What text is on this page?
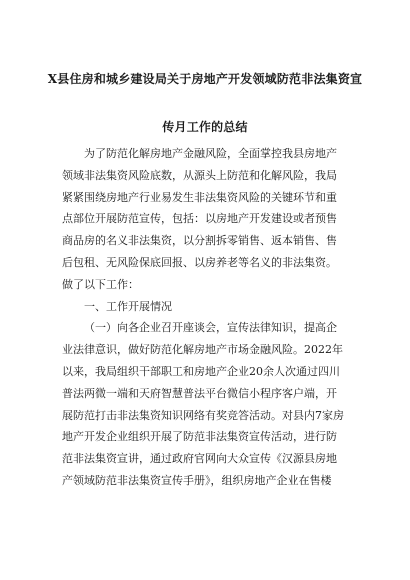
X县住房和城乡建设局关于房地产开发领域防范非法集资宣
传月工作的总结
为了防范化解房地产金融风险，全面掌控我县房地产
领域非法集资风险底数，从源头上防范和化解风险，我局
紧紧围绕房地产行业易发生非法集资风险的关键环节和重
点部位开展防范宣传，包括：以房地产开发建设或者预售
商品房的名义非法集资，以分割拆零销售、返本销售、售
后包租、无风险保底回报、以房养老等名义的非法集资。
做了以下工作：
一、工作开展情况
（一）向各企业召开座谈会，宣传法律知识，提高企
业法律意识，做好防范化解房地产市场金融风险。2022年
以来，我局组织干部职工和房地产企业20余人次通过四川
普法两微一端和天府智慧普法平台微信小程序客户端，开
展防范打击非法集资知识网络有奖竞答活动。对县内7家房
地产开发企业组织开展了防范非法集资宣传活动，进行防
范非法集资宣讲，通过政府官网向大众宣传《汉源县房地
产领域防范非法集资宣传手册》，组织房地产企业在售楼
